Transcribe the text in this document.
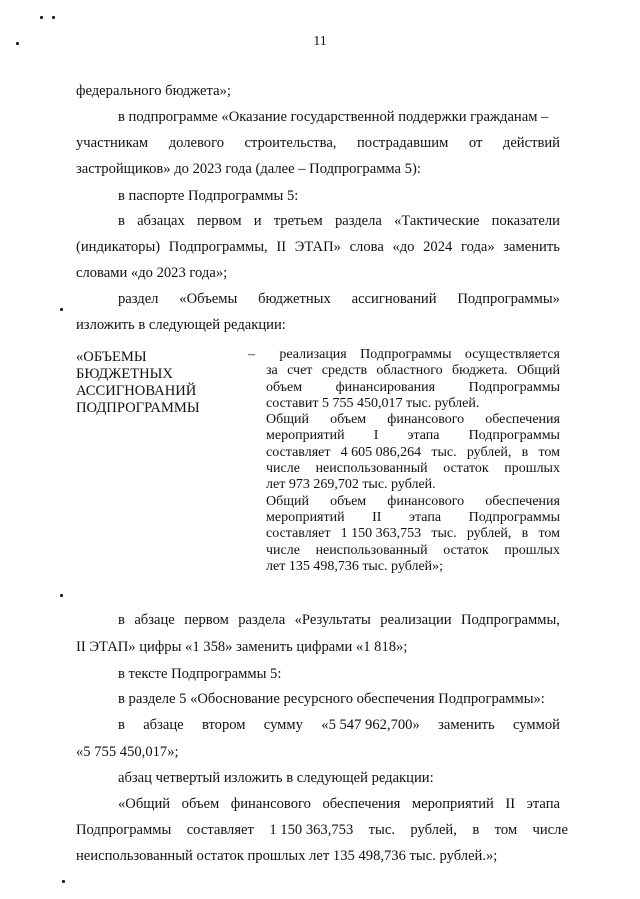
11
федерального бюджета»;
в подпрограмме «Оказание государственной поддержки гражданам –
участникам долевого строительства, пострадавшим от действий
застройщиков» до 2023 года (далее – Подпрограмма 5):
в паспорте Подпрограммы 5:
в абзацах первом и третьем раздела «Тактические показатели
(индикаторы) Подпрограммы, II ЭТАП» слова «до 2024 года» заменить
словами «до 2023 года»;
раздел «Объемы бюджетных ассигнований Подпрограммы»
изложить в следующей редакции:
«ОБЪЕМЫ
БЮДЖЕТНЫХ
АССИГНОВАНИЙ
ПОДПРОГРАММЫ
–	реализация Подпрограммы осуществляется
за счет средств областного бюджета. Общий
объем финансирования Подпрограммы
составит 5 755 450,017 тыс. рублей.
Общий объем финансового обеспечения
мероприятий I этапа Подпрограммы
составляет 4 605 086,264 тыс. рублей, в том
числе неиспользованный остаток прошлых
лет 973 269,702 тыс. рублей.
Общий объем финансового обеспечения
мероприятий II этапа Подпрограммы
составляет 1 150 363,753 тыс. рублей, в том
числе неиспользованный остаток прошлых
лет 135 498,736 тыс. рублей»;
в абзаце первом раздела «Результаты реализации Подпрограммы,
II ЭТАП» цифры «1 358» заменить цифрами «1 818»;
в тексте Подпрограммы 5:
в разделе 5 «Обоснование ресурсного обеспечения Подпрограммы»:
в абзаце втором сумму «5 547 962,700» заменить суммой
«5 755 450,017»;
абзац четвертый изложить в следующей редакции:
«Общий объем финансового обеспечения мероприятий II этапа
Подпрограммы составляет 1 150 363,753 тыс. рублей, в том числе
неиспользованный остаток прошлых лет 135 498,736 тыс. рублей.»;
